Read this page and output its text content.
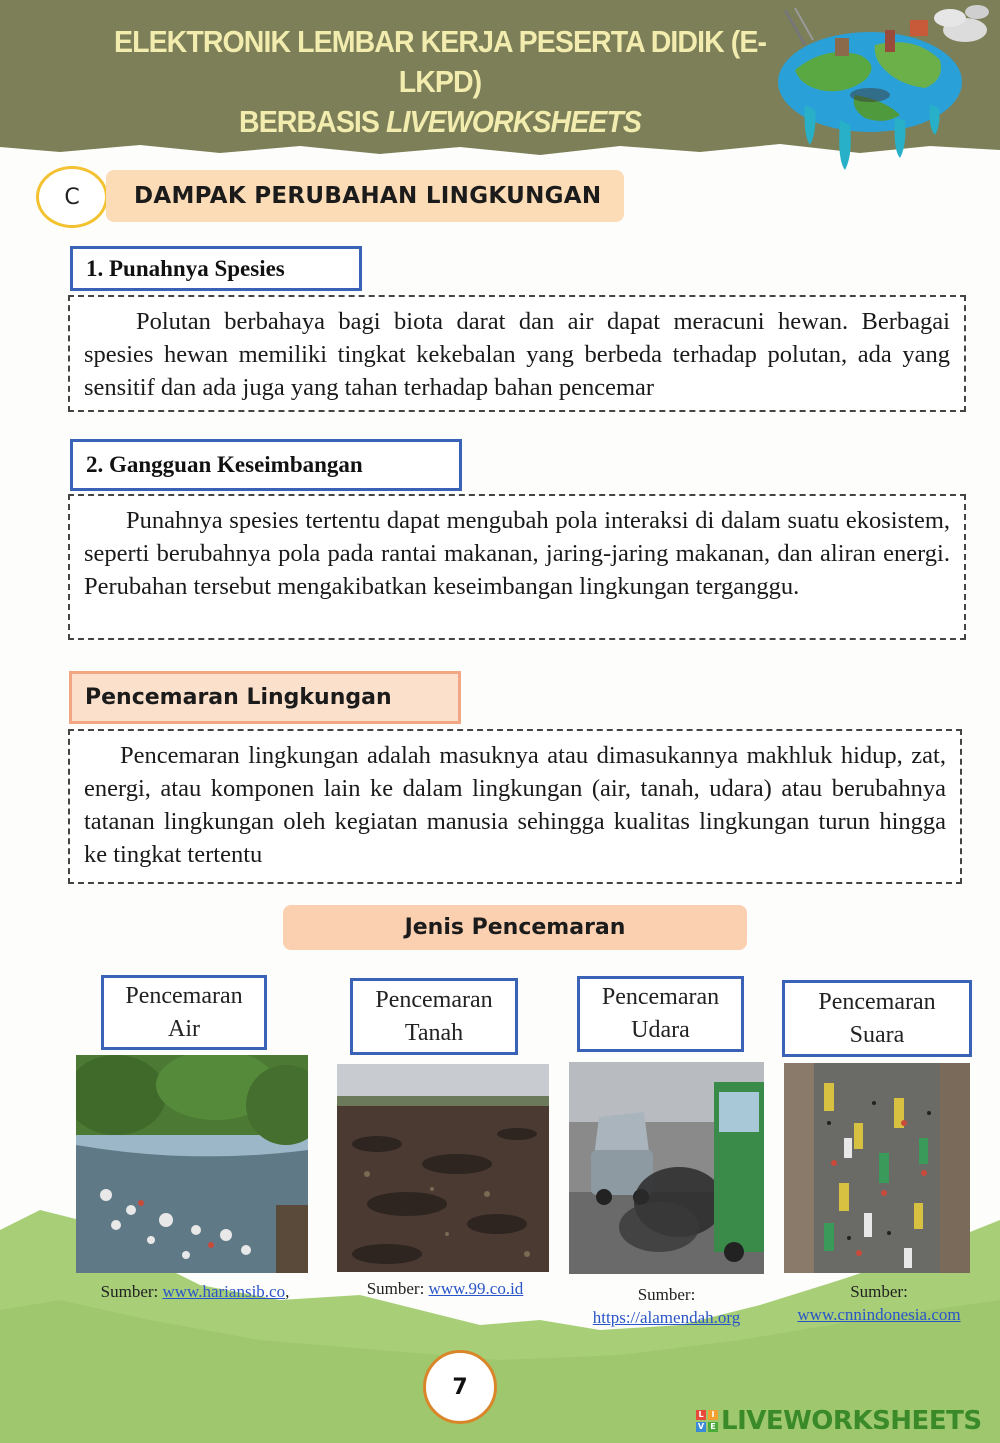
ELEKTRONIK LEMBAR KERJA PESERTA DIDIK (E-LKPD)
BERBASIS LIVEWORKSHEETS
C	DAMPAK PERUBAHAN LINGKUNGAN
1. Punahnya Spesies
Polutan berbahaya bagi biota darat dan air dapat meracuni hewan. Berbagai spesies hewan memiliki tingkat kekebalan yang berbeda terhadap polutan, ada yang sensitif dan ada juga yang tahan terhadap bahan pencemar
2. Gangguan Keseimbangan
Punahnya spesies tertentu dapat mengubah pola interaksi di dalam suatu ekosistem, seperti berubahnya pola pada rantai makanan, jaring-jaring makanan, dan aliran energi. Perubahan tersebut mengakibatkan keseimbangan lingkungan terganggu.
Pencemaran Lingkungan
Pencemaran lingkungan adalah masuknya atau dimasukannya makhluk hidup, zat, energi, atau komponen lain ke dalam lingkungan (air, tanah, udara) atau berubahnya tatanan lingkungan oleh kegiatan manusia sehingga kualitas lingkungan turun hingga ke tingkat tertentu
Jenis Pencemaran
Pencemaran
Air
Sumber: www.hariansib.co,
Pencemaran
Tanah
Sumber: www.99.co.id
Pencemaran
Udara
Sumber:
https://alamendah.org
Pencemaran
Suara
Sumber:
www.cnnindonesia.com
7
L I
V E LIVEWORKSHEETS
